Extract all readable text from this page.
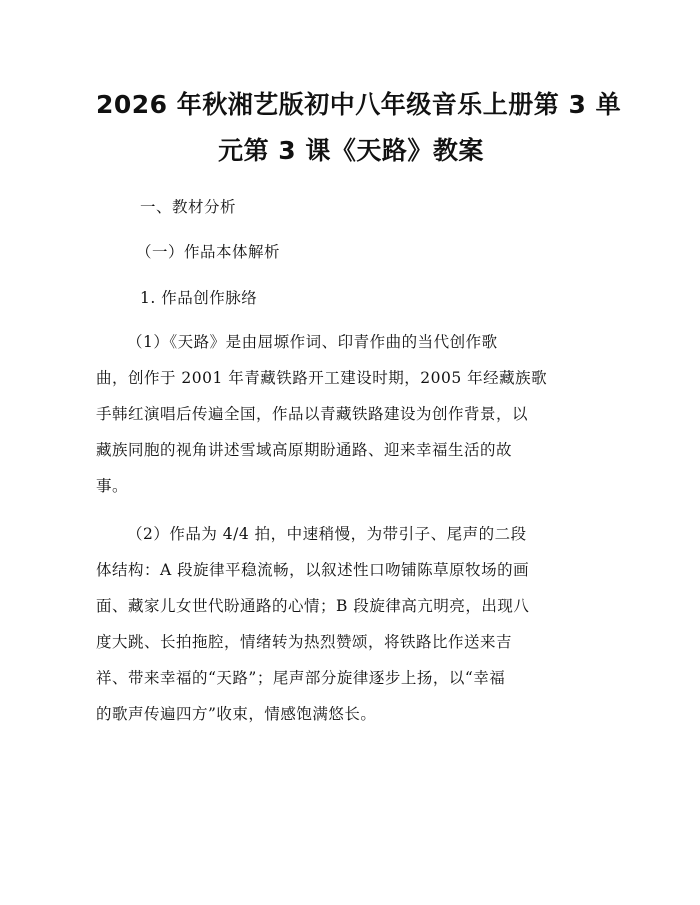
2026 年秋湘艺版初中八年级音乐上册第 3 单
元第 3 课《天路》教案
一、教材分析
（一）作品本体解析
1. 作品创作脉络
（1）《天路》是由屈塬作词、印青作曲的当代创作歌
曲，创作于 2001 年青藏铁路开工建设时期，2005 年经藏族歌
手韩红演唱后传遍全国，作品以青藏铁路建设为创作背景，以
藏族同胞的视角讲述雪域高原期盼通路、迎来幸福生活的故
事。
（2）作品为 4/4 拍，中速稍慢，为带引子、尾声的二段
体结构：A 段旋律平稳流畅，以叙述性口吻铺陈草原牧场的画
面、藏家儿女世代盼通路的心情；B 段旋律高亢明亮，出现八
度大跳、长拍拖腔，情绪转为热烈赞颂，将铁路比作送来吉
祥、带来幸福的“天路”；尾声部分旋律逐步上扬，以“幸福
的歌声传遍四方”收束，情感饱满悠长。
